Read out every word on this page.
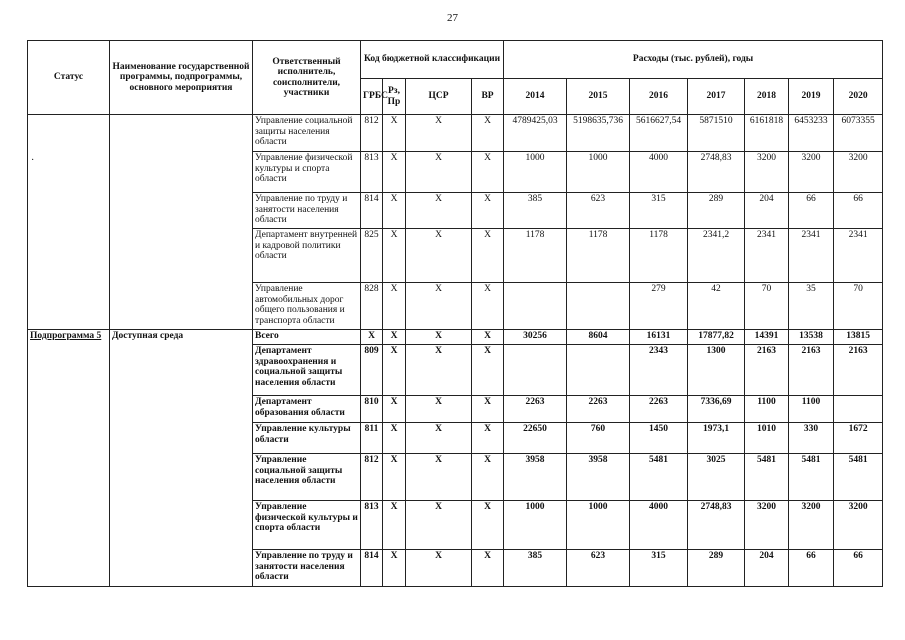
27
·
Статус	Наименование государственной программы, подпрограммы, основного мероприятия	Ответственный исполнитель, соисполнители, участники	Код бюджетной классификации				Расходы (тыс. рублей), годы						
			ГРБС	Рз, Пр	ЦСР	ВР	2014	2015	2016	2017	2018	2019	2020
		Управление социальной защиты населения области	812	X	X	X	4789425,03	5198635,736	5616627,54	5871510	6161818	6453233	6073355
		Управление физической культуры и спорта области	813	X	X	X	1000	1000	4000	2748,83	3200	3200	3200
		Управление по труду и занятости населения области	814	X	X	X	385	623	315	289	204	66	66
		Департамент внутренней и кадровой политики области	825	X	X	X	1178	1178	1178	2341,2	2341	2341	2341
		Управление автомобильных дорог общего пользования и транспорта области	828	X	X	X			279	42	70	35	70
Подпрограмма 5	Доступная среда	Всего	X	X	X	X	30256	8604	16131	17877,82	14391	13538	13815
		Департамент здравоохранения и социальной защиты населения области	809	X	X	X			2343	1300	2163	2163	2163
		Департамент образования области	810	X	X	X	2263	2263	2263	7336,69	1100	1100	
		Управление культуры области	811	X	X	X	22650	760	1450	1973,1	1010	330	1672
		Управление социальной защиты населения области	812	X	X	X	3958	3958	5481	3025	5481	5481	5481
		Управление физической культуры и спорта области	813	X	X	X	1000	1000	4000	2748,83	3200	3200	3200
		Управление по труду и занятости населения области	814	X	X	X	385	623	315	289	204	66	66
